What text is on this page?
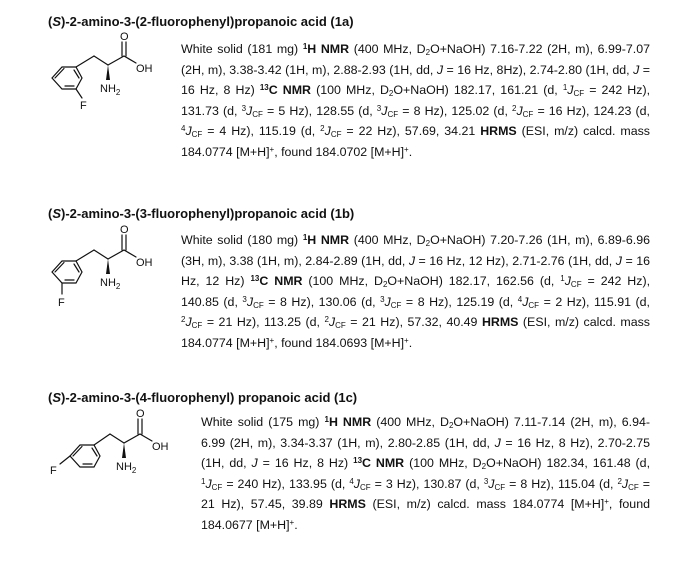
(S)-2-amino-3-(2-fluorophenyl)propanoic acid (1a)
F
O
OH
$NH_2$

White solid (181 mg) $^1$H NMR (400 MHz, $D_2O+NaOH$) 7.16-7.22 (2H, m), 6.99-7.07 (2H, m), 3.38-3.42 (1H, m), 2.88-2.93 (1H, dd, J = 16 Hz, 8Hz), 2.74-2.80 (1H, dd, J = 16 Hz, 8 Hz) $^{13}$C NMR (100 MHz, $D_2O+NaOH$) 182.17, 161.21 (d, $^1J_{CF} = 242$ Hz), 131.73 (d, $^3J_{CF} = 5$ Hz), 128.55 (d, $^3J_{CF} = 8$ Hz), 125.02 (d, $^2J_{CF} = 16$ Hz), 124.23 (d, $^4J_{CF} = 4$ Hz), 115.19 (d, $^2J_{CF} = 22$ Hz), 57.69, 34.21 HRMS (ESI, m/z) calcd. mass 184.0774 [M+H]+, found 184.0702 [M+H]+.

(S)-2-amino-3-(3-fluorophenyl)propanoic acid (1b)
F
O
OH
$NH_2$

White solid (180 mg) $^1$H NMR (400 MHz, $D_2O+NaOH$) 7.20-7.26 (1H, m), 6.89-6.96 (3H, m), 3.38 (1H, m), 2.84-2.89 (1H, dd, J = 16 Hz, 12 Hz), 2.71-2.76 (1H, dd, J = 16 Hz, 12 Hz) $^{13}$C NMR (100 MHz, $D_2O+NaOH$) 182.17, 162.56 (d, $^1J_{CF} = 242$ Hz), 140.85 (d, $^3J_{CF} = 8$ Hz), 130.06 (d, $^3J_{CF} = 8$ Hz), 125.19 (d, $^4J_{CF} = 2$ Hz), 115.91 (d, $^2J_{CF} = 21$ Hz), 113.25 (d, $^2J_{CF} = 21$ Hz), 57.32, 40.49 HRMS (ESI, m/z) calcd. mass 184.0774 [M+H]+, found 184.0693 [M+H]+.

(S)-2-amino-3-(4-fluorophenyl) propanoic acid (1c)
F
O
OH
$NH_2$

White solid (175 mg) $^1$H NMR (400 MHz, $D_2O+NaOH$) 7.11-7.14 (2H, m), 6.94-6.99 (2H, m), 3.34-3.37 (1H, m), 2.80-2.85 (1H, dd, J = 16 Hz, 8 Hz), 2.70-2.75 (1H, dd, J = 16 Hz, 8 Hz) $^{13}$C NMR (100 MHz, $D_2O+NaOH$) 182.34, 161.48 (d, $^1J_{CF} = 240$ Hz), 133.95 (d, $^4J_{CF} = 3$ Hz), 130.87 (d, $^3J_{CF} = 8$ Hz), 115.04 (d, $^2J_{CF} = 21$ Hz), 57.45, 39.89 HRMS (ESI, m/z) calcd. mass 184.0774 [M+H]+, found 184.0677 [M+H]+.
